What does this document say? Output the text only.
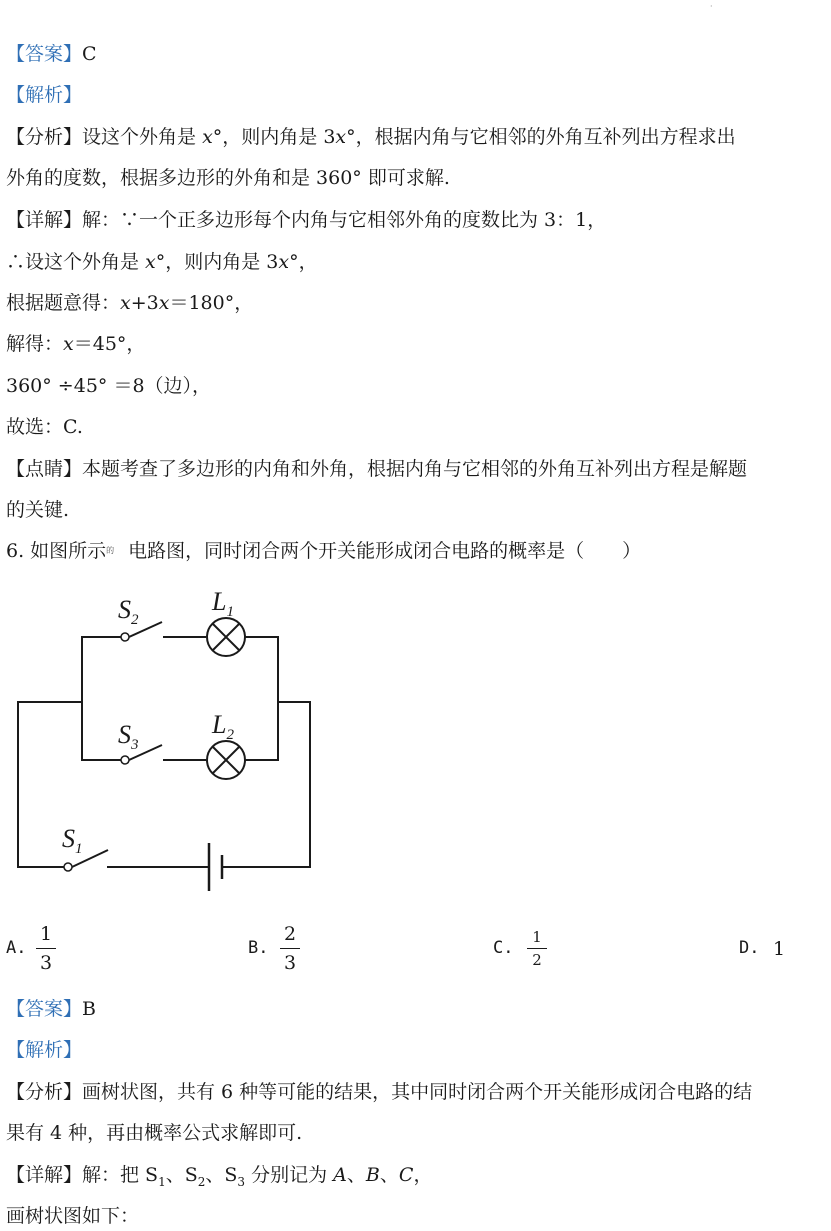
·
【答案】C
【解析】
【分析】设这个外角是 x°，则内角是 3x°，根据内角与它相邻的外角互补列出方程求出
外角的度数，根据多边形的外角和是 360° 即可求解.
【详解】解：∵一个正多边形每个内角与它相邻外角的度数比为 3：1，
∴设这个外角是 x°，则内角是 3x°，
根据题意得：x+3x＝180°，
解得：x＝45°，
360° ÷45° ＝8（边），
故选：C.
【点睛】本题考查了多边形的内角和外角，根据内角与它相邻的外角互补列出方程是解题
的关键.
6. 如图所示$^的$ 电路图，同时闭合两个开关能形成闭合电路的概率是（　　）
$S_2$
$L_1$
$S_3$
$L_2$
$S_1$
A.
1
3
B.
2
3
C.
1
2
D. 1
【答案】B
【解析】
【分析】画树状图，共有 6 种等可能的结果，其中同时闭合两个开关能形成闭合电路的结
果有 4 种，再由概率公式求解即可.
【详解】解：把 $S_1$、$S_2$、$S_3$ 分别记为 A、B、C，
画树状图如下：
